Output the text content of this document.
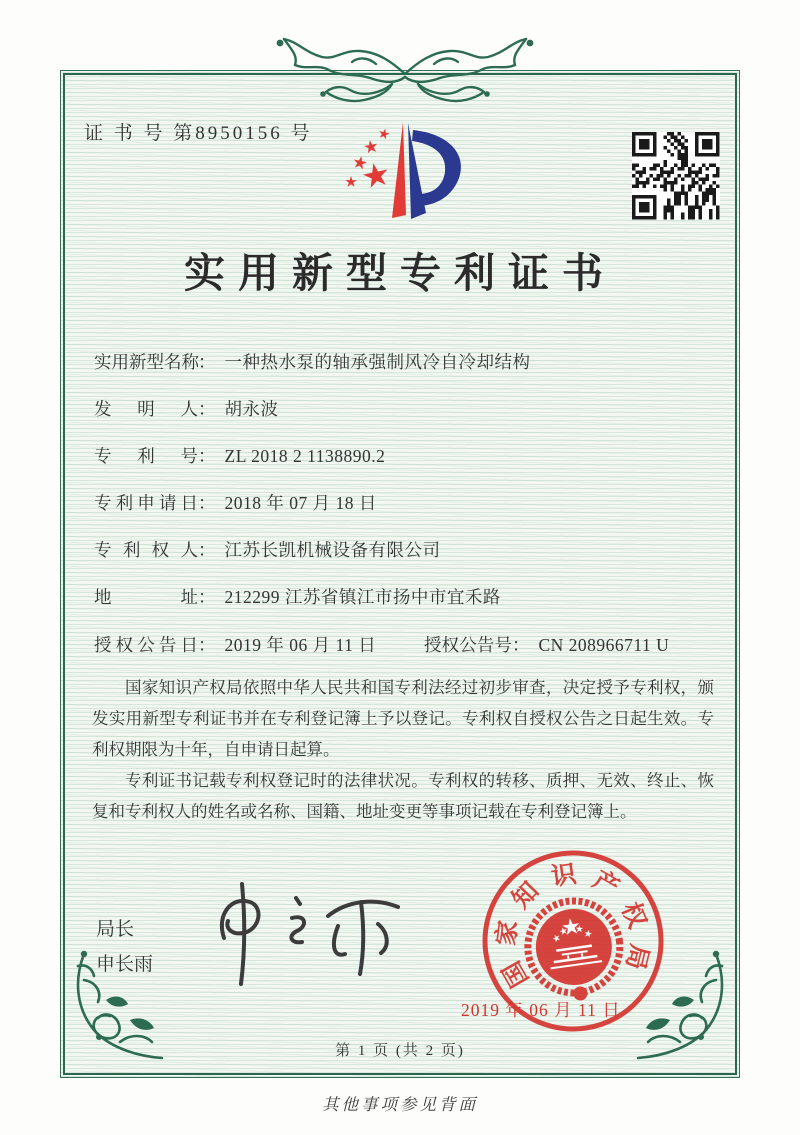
证 书 号 第8950156 号
实用新型专利证书
实用新型名称： 一种热水泵的轴承强制风冷自冷却结构
发明人： 胡永波
专利号： ZL 2018 2 1138890.2
专利申请日： 2018 年 07 月 18 日
专利权人： 江苏长凯机械设备有限公司
地址： 212299 江苏省镇江市扬中市宜禾路
授权公告日： 2019 年 06 月 11 日	授权公告号： CN 208966711 U

国家知识产权局依照中华人民共和国专利法经过初步审查，决定授予专利权，颁发实用新型专利证书并在专利登记簿上予以登记。专利权自授权公告之日起生效。专利权期限为十年，自申请日起算。

专利证书记载专利权登记时的法律状况。专利权的转移、质押、无效、终止、恢复和专利权人的姓名或名称、国籍、地址变更等事项记载在专利登记簿上。

局长
申长雨	国
家
知
识 产
权
局
2019 年 06 月 11 日
第 1 页 (共 2 页)
其他事项参见背面
